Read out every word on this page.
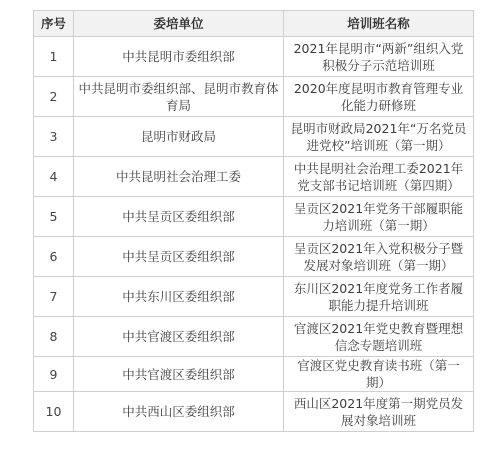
序号	委培单位	培训班名称
1	中共昆明市委组织部	2021年昆明市“两新”组织入党积极分子示范培训班
2	中共昆明市委组织部、昆明市教育体育局	2020年度昆明市教育管理专业化能力研修班
3	昆明市财政局	昆明市财政局2021年“万名党员进党校”培训班（第一期）
4	中共昆明社会治理工委	中共昆明社会治理工委2021年党支部书记培训班（第四期）
5	中共呈贡区委组织部	呈贡区2021年党务干部履职能力培训班（第一期）
6	中共呈贡区委组织部	呈贡区2021年入党积极分子暨发展对象培训班（第一期）
7	中共东川区委组织部	东川区2021年度党务工作者履职能力提升培训班
8	中共官渡区委组织部	官渡区2021年党史教育暨理想信念专题培训班
9	中共官渡区委组织部	官渡区党史教育读书班（第一期）
10	中共西山区委组织部	西山区2021年度第一期党员发展对象培训班
